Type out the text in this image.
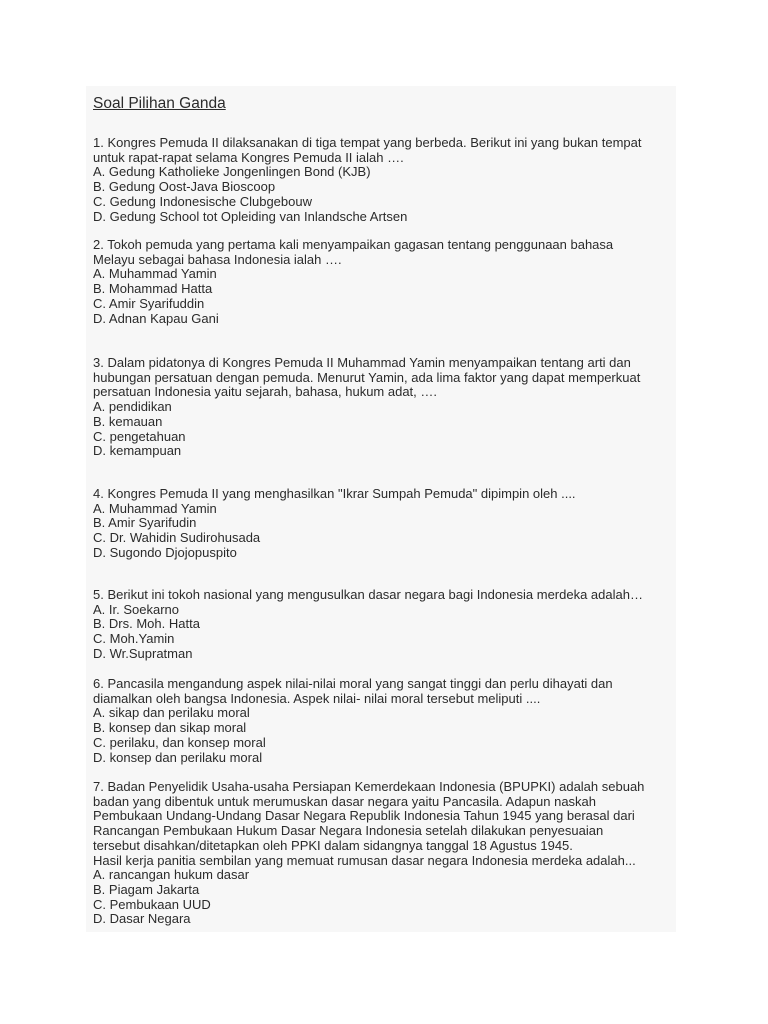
Soal Pilihan Ganda

1. Kongres Pemuda II dilaksanakan di tiga tempat yang berbeda. Berikut ini yang bukan tempat

untuk rapat-rapat selama Kongres Pemuda II ialah ….

A. Gedung Katholieke Jongenlingen Bond (KJB)

B. Gedung Oost-Java Bioscoop

C. Gedung Indonesische Clubgebouw

D. Gedung School tot Opleiding van Inlandsche Artsen

2. Tokoh pemuda yang pertama kali menyampaikan gagasan tentang penggunaan bahasa

Melayu sebagai bahasa Indonesia ialah ….

A. Muhammad Yamin

B. Mohammad Hatta

C. Amir Syarifuddin

D. Adnan Kapau Gani

3. Dalam pidatonya di Kongres Pemuda II Muhammad Yamin menyampaikan tentang arti dan

hubungan persatuan dengan pemuda. Menurut Yamin, ada lima faktor yang dapat memperkuat

persatuan Indonesia yaitu sejarah, bahasa, hukum adat, ….

A. pendidikan

B. kemauan

C. pengetahuan

D. kemampuan

4. Kongres Pemuda II yang menghasilkan "Ikrar Sumpah Pemuda" dipimpin oleh ....

A. Muhammad Yamin

B. Amir Syarifudin

C. Dr. Wahidin Sudirohusada

D. Sugondo Djojopuspito

5. Berikut ini tokoh nasional yang mengusulkan dasar negara bagi Indonesia merdeka adalah…

A. Ir. Soekarno

B. Drs. Moh. Hatta

C. Moh.Yamin

D. Wr.Supratman

6. Pancasila mengandung aspek nilai-nilai moral yang sangat tinggi dan perlu dihayati dan

diamalkan oleh bangsa Indonesia. Aspek nilai- nilai moral tersebut meliputi ....

A. sikap dan perilaku moral

B. konsep dan sikap moral

C. perilaku, dan konsep moral

D. konsep dan perilaku moral

7. Badan Penyelidik Usaha-usaha Persiapan Kemerdekaan Indonesia (BPUPKI) adalah sebuah

badan yang dibentuk untuk merumuskan dasar negara yaitu Pancasila. Adapun naskah

Pembukaan Undang-Undang Dasar Negara Republik Indonesia Tahun 1945 yang berasal dari

Rancangan Pembukaan Hukum Dasar Negara Indonesia setelah dilakukan penyesuaian

tersebut disahkan/ditetapkan oleh PPKI dalam sidangnya tanggal 18 Agustus 1945.

Hasil kerja panitia sembilan yang memuat rumusan dasar negara Indonesia merdeka adalah...

A. rancangan hukum dasar

B. Piagam Jakarta

C. Pembukaan UUD

D. Dasar Negara
